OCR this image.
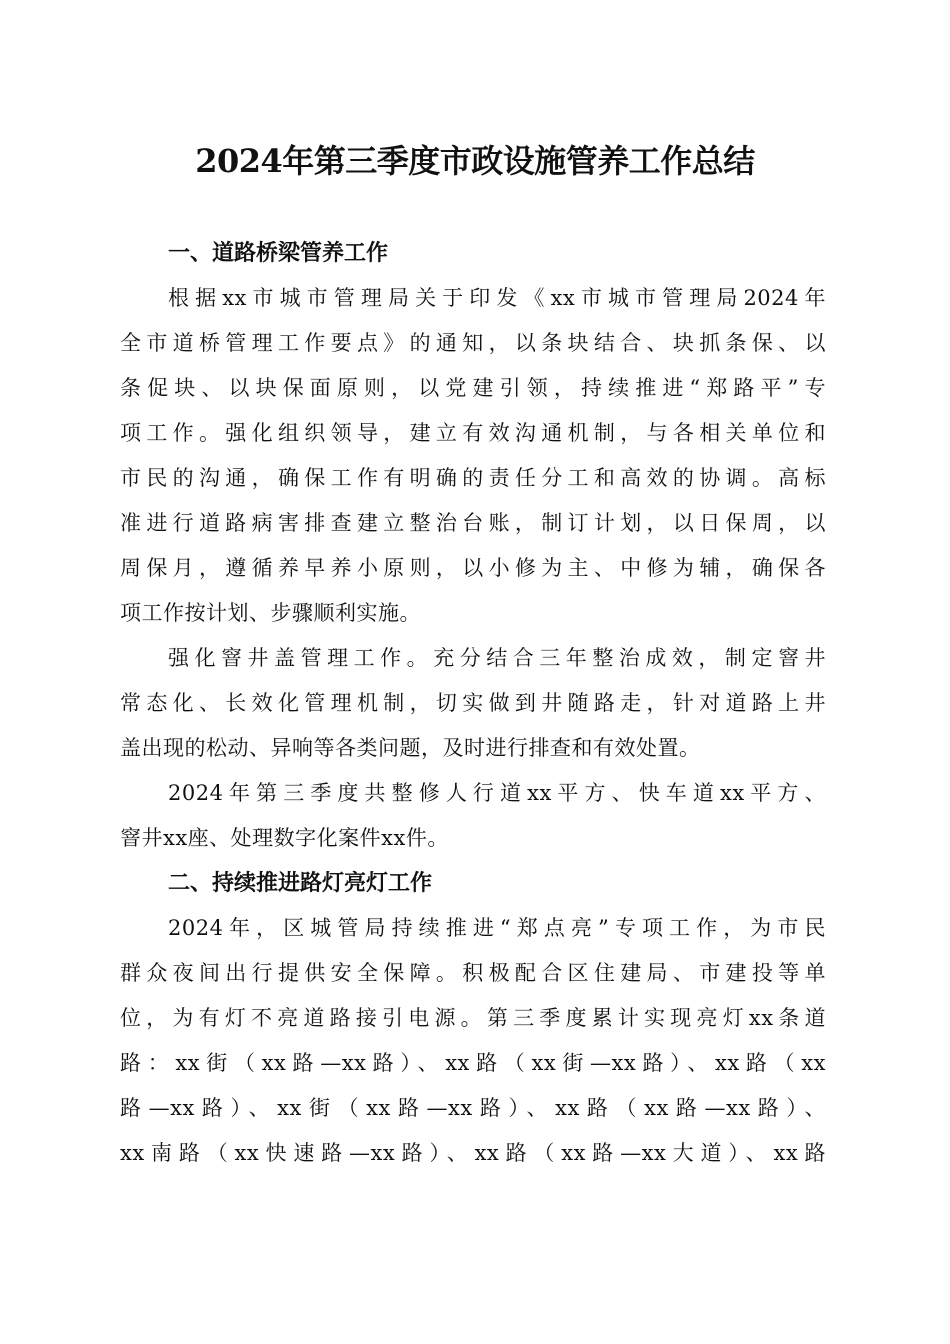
2024年第三季度市政设施管养工作总结
一、道路桥梁管养工作
根据xx市城市管理局关于印发《xx市城市管理局2024年
全市道桥管理工作要点》的通知，以条块结合、块抓条保、以
条促块、以块保面原则，以党建引领，持续推进“郑路平”专
项工作。强化组织领导，建立有效沟通机制，与各相关单位和
市民的沟通，确保工作有明确的责任分工和高效的协调。高标
准进行道路病害排查建立整治台账，制订计划，以日保周，以
周保月，遵循养早养小原则，以小修为主、中修为辅，确保各
项工作按计划、步骤顺利实施。
强化窨井盖管理工作。充分结合三年整治成效，制定窨井
常态化、长效化管理机制，切实做到井随路走，针对道路上井
盖出现的松动、异响等各类问题，及时进行排查和有效处置。
2024年第三季度共整修人行道xx平方、快车道xx平方、
窨井xx座、处理数字化案件xx件。
二、持续推进路灯亮灯工作
2024年，区城管局持续推进“郑点亮”专项工作，为市民
群众夜间出行提供安全保障。积极配合区住建局、市建投等单
位，为有灯不亮道路接引电源。第三季度累计实现亮灯xx条道
路：xx街（xx路—xx路）、xx路（xx街—xx路）、xx路（xx
路—xx路）、xx街（xx路—xx路）、xx路（xx路—xx路）、
xx南路（xx快速路—xx路）、xx路（xx路—xx大道）、xx路
